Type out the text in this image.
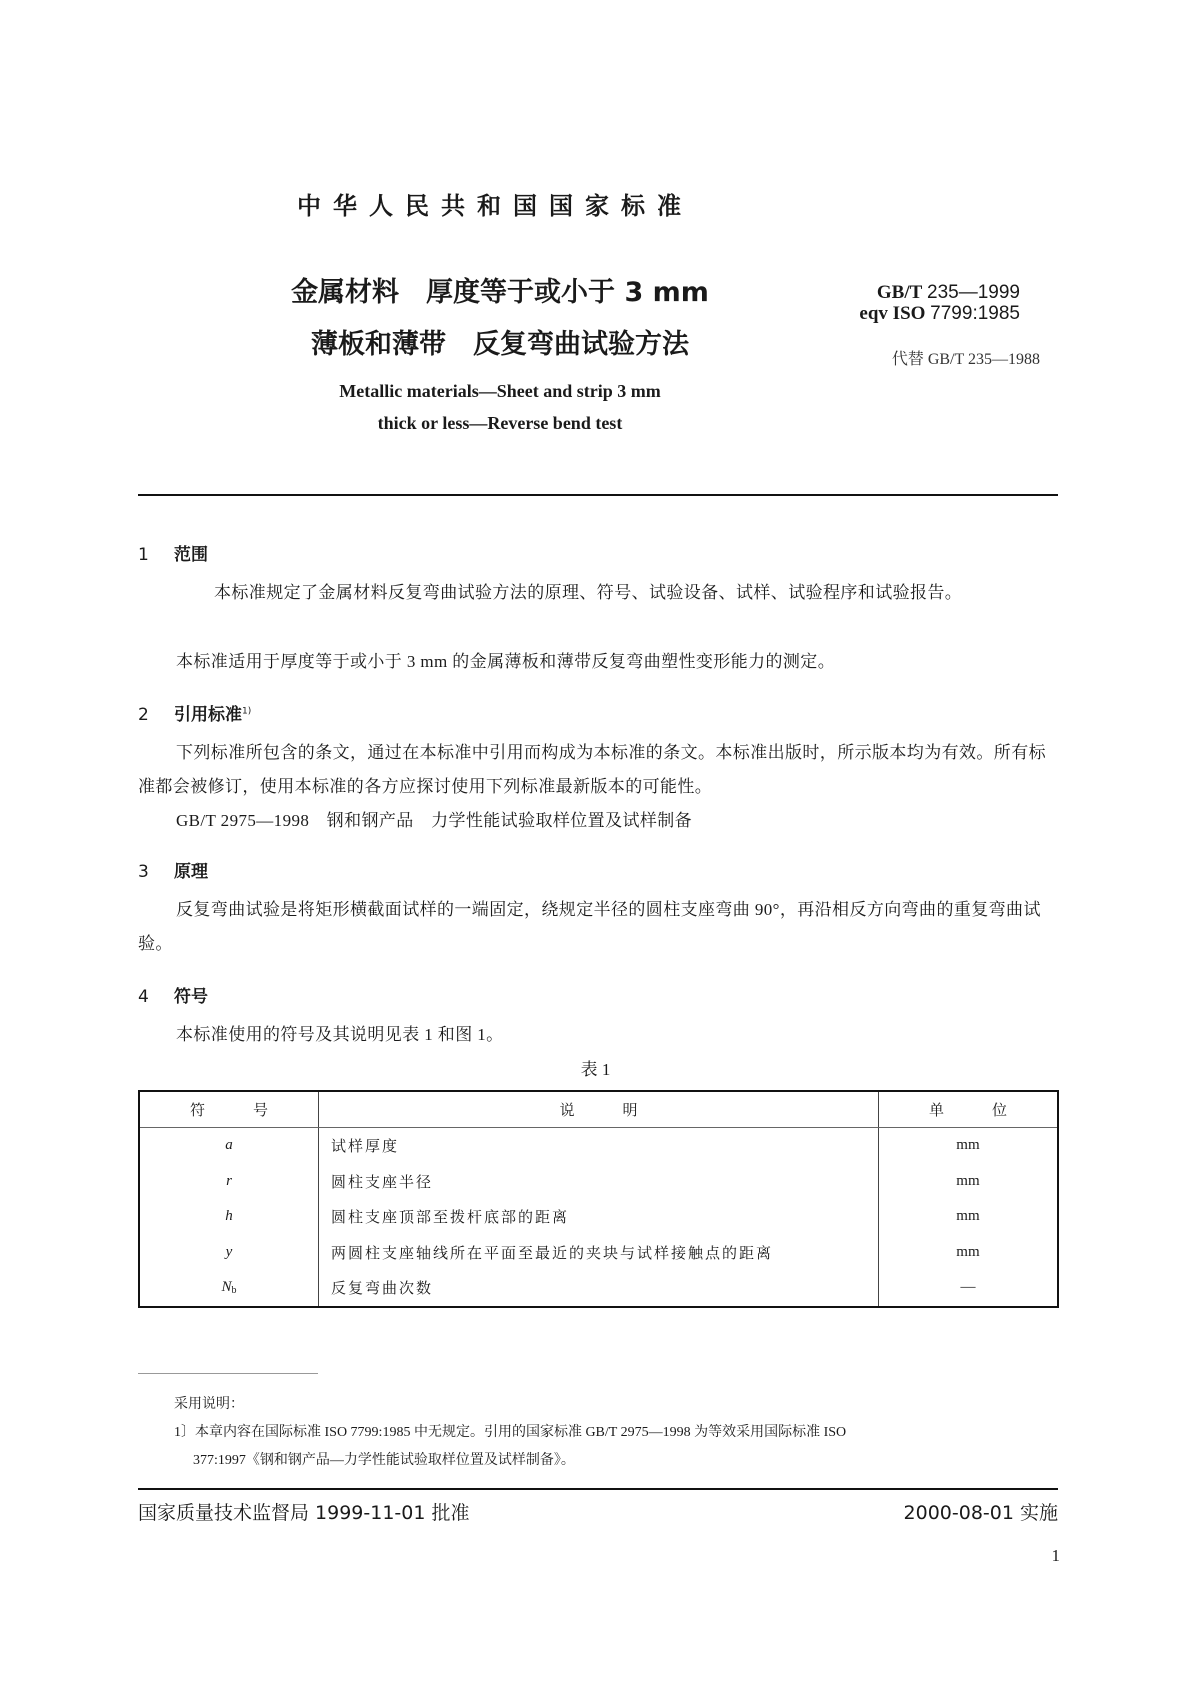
中华人民共和国国家标准
金属材料　厚度等于或小于 3 mm
薄板和薄带　反复弯曲试验方法
GB/T 235—1999
eqv ISO 7799:1985
代替 GB/T 235—1988
Metallic materials—Sheet and strip 3 mm
thick or less—Reverse bend test
1 范围
本标准规定了金属材料反复弯曲试验方法的原理、符号、试验设备、试样、试验程序和试验报告。
本标准适用于厚度等于或小于 3 mm 的金属薄板和薄带反复弯曲塑性变形能力的测定。
2 引用标准$^{1)}$
下列标准所包含的条文，通过在本标准中引用而构成为本标准的条文。本标准出版时，所示版本均为有效。所有标准都会被修订，使用本标准的各方应探讨使用下列标准最新版本的可能性。
GB/T 2975—1998　钢和钢产品　力学性能试验取样位置及试样制备
3 原理
反复弯曲试验是将矩形横截面试样的一端固定，绕规定半径的圆柱支座弯曲 90°，再沿相反方向弯曲的重复弯曲试验。
4 符号
本标准使用的符号及其说明见表 1 和图 1。
表 1
符号	说明	单位
a	试样厚度	mm
r	圆柱支座半径	mm
h	圆柱支座顶部至拨杆底部的距离	mm
y	两圆柱支座轴线所在平面至最近的夹块与试样接触点的距离	mm
$N_b$	反复弯曲次数	—
采用说明：
1〕本章内容在国际标准 ISO 7799:1985 中无规定。引用的国家标准 GB/T 2975—1998 为等效采用国际标准 ISO
377:1997《钢和钢产品—力学性能试验取样位置及试样制备》。
国家质量技术监督局 1999-11-01 批准	2000-08-01 实施
1
